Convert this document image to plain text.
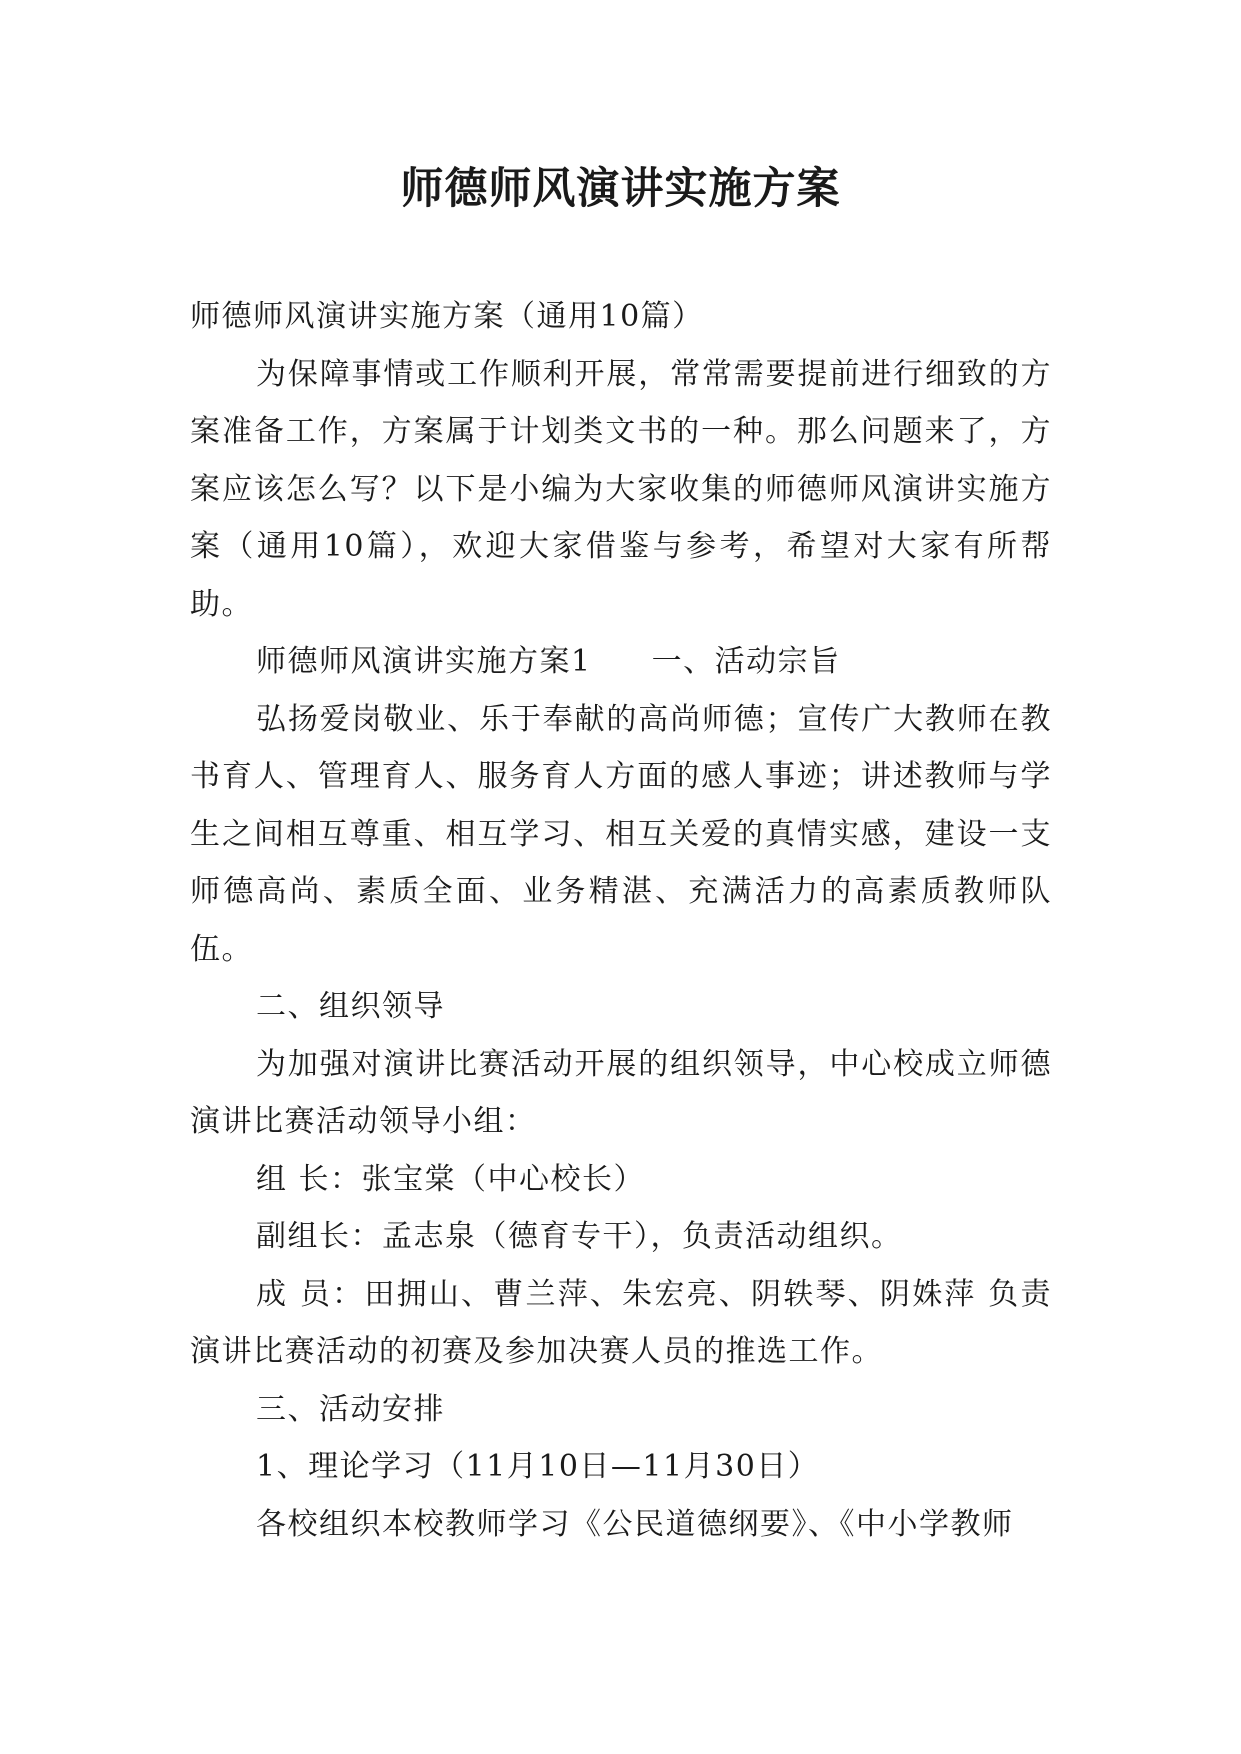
师德师风演讲实施方案

师德师风演讲实施方案（通用10篇）

为保障事情或工作顺利开展，常常需要提前进行细致的方案准备工作，方案属于计划类文书的一种。那么问题来了，方案应该怎么写？以下是小编为大家收集的师德师风演讲实施方案（通用10篇），欢迎大家借鉴与参考，希望对大家有所帮助。

师德师风演讲实施方案1 一、活动宗旨

弘扬爱岗敬业、乐于奉献的高尚师德；宣传广大教师在教书育人、管理育人、服务育人方面的感人事迹；讲述教师与学生之间相互尊重、相互学习、相互关爱的真情实感，建设一支师德高尚、素质全面、业务精湛、充满活力的高素质教师队伍。

二、组织领导

为加强对演讲比赛活动开展的组织领导，中心校成立师德演讲比赛活动领导小组：

组 长：张宝棠（中心校长）

副组长：孟志泉（德育专干），负责活动组织。

成 员：田拥山、曹兰萍、朱宏亮、阴轶琴、阴姝萍 负责演讲比赛活动的初赛及参加决赛人员的推选工作。

三、活动安排

1、理论学习（11月10日—11月30日）

各校组织本校教师学习《公民道德纲要》、《中小学教师
